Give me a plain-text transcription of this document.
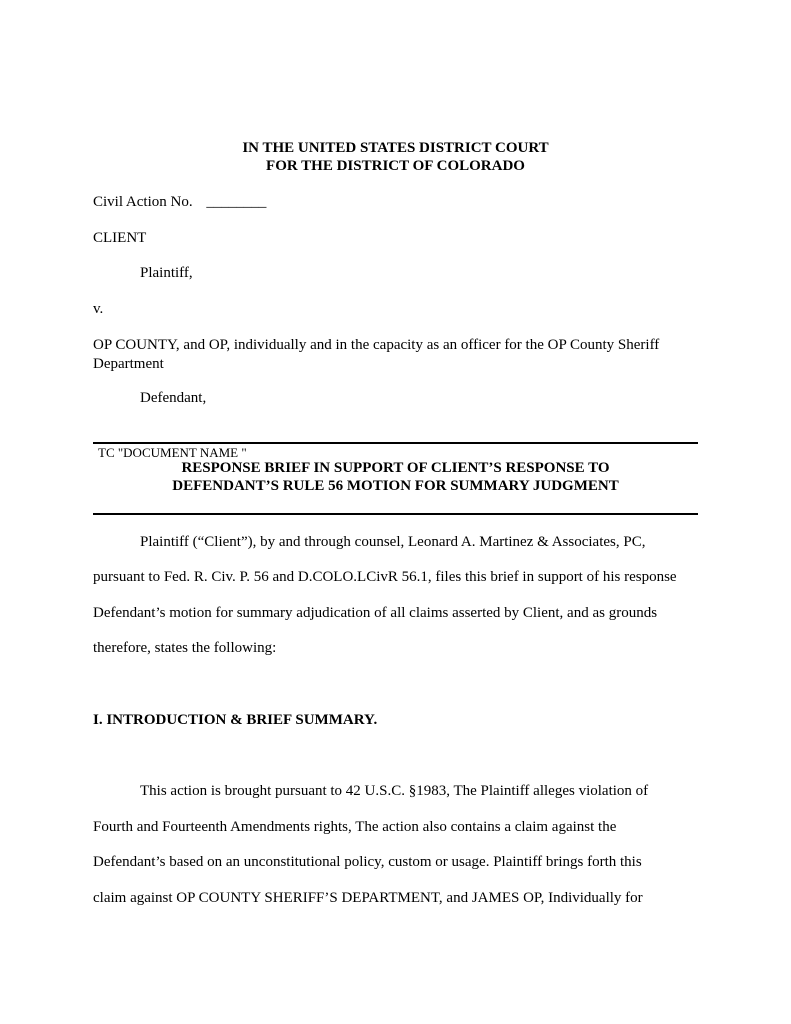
IN THE UNITED STATES DISTRICT COURT
FOR THE DISTRICT OF COLORADO
Civil Action No. ________
CLIENT
Plaintiff,
v.
OP COUNTY, and OP, individually and in the capacity as an officer for the OP County Sheriff Department
Defendant,
TC "DOCUMENT NAME "
RESPONSE BRIEF IN SUPPORT OF CLIENT’S RESPONSE TO
DEFENDANT’S RULE 56 MOTION FOR SUMMARY JUDGMENT
Plaintiff (“Client”), by and through counsel, Leonard A. Martinez & Associates, PC,
pursuant to Fed. R. Civ. P. 56 and D.COLO.LCivR 56.1, files this brief in support of his response
Defendant’s motion for summary adjudication of all claims asserted by Client, and as grounds
therefore, states the following:
I. INTRODUCTION & BRIEF SUMMARY.
This action is brought pursuant to 42 U.S.C. §1983, The Plaintiff alleges violation of
Fourth and Fourteenth Amendments rights, The action also contains a claim against the
Defendant’s based on an unconstitutional policy, custom or usage. Plaintiff brings forth this
claim against OP COUNTY SHERIFF’S DEPARTMENT, and JAMES OP, Individually for
